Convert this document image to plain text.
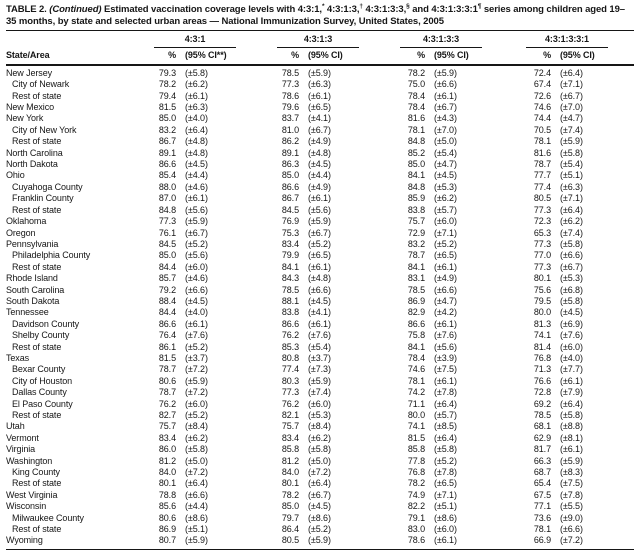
TABLE 2. (Continued) Estimated vaccination coverage levels with 4:3:1,* 4:3:1:3,† 4:3:1:3:3,§ and 4:3:1:3:3:1¶ series among children aged 19–35 months, by state and selected urban areas — National Immunization Survey, United States, 2005

	4:3:1		4:3:1:3		4:3:1:3:3		4:3:1:3:3:1	

State/Area	%	(95% CI**)	%	(95% CI)	%	(95% CI)	%	(95% CI)
New Jersey	79.3	(±5.8)	78.5	(±5.9)	78.2	(±5.9)	72.4	(±6.4)
City of Newark	78.2	(±6.2)	77.3	(±6.3)	75.0	(±6.6)	67.4	(±7.1)
Rest of state	79.4	(±6.1)	78.6	(±6.1)	78.4	(±6.1)	72.6	(±6.7)
New Mexico	81.5	(±6.3)	79.6	(±6.5)	78.4	(±6.7)	74.6	(±7.0)
New York	85.0	(±4.0)	83.7	(±4.1)	81.6	(±4.3)	74.4	(±4.7)
City of New York	83.2	(±6.4)	81.0	(±6.7)	78.1	(±7.0)	70.5	(±7.4)
Rest of state	86.7	(±4.8)	86.2	(±4.9)	84.8	(±5.0)	78.1	(±5.9)
North Carolina	89.1	(±4.8)	89.1	(±4.8)	85.2	(±5.4)	81.6	(±5.8)
North Dakota	86.6	(±4.5)	86.3	(±4.5)	85.0	(±4.7)	78.7	(±5.4)
Ohio	85.4	(±4.4)	85.0	(±4.4)	84.1	(±4.5)	77.7	(±5.1)
Cuyahoga County	88.0	(±4.6)	86.6	(±4.9)	84.8	(±5.3)	77.4	(±6.3)
Franklin County	87.0	(±6.1)	86.7	(±6.1)	85.9	(±6.2)	80.5	(±7.1)
Rest of state	84.8	(±5.6)	84.5	(±5.6)	83.8	(±5.7)	77.3	(±6.4)
Oklahoma	77.3	(±5.9)	76.9	(±5.9)	75.7	(±6.0)	72.3	(±6.2)
Oregon	76.1	(±6.7)	75.3	(±6.7)	72.9	(±7.1)	65.3	(±7.4)
Pennsylvania	84.5	(±5.2)	83.4	(±5.2)	83.2	(±5.2)	77.3	(±5.8)
Philadelphia County	85.0	(±5.6)	79.9	(±6.5)	78.7	(±6.5)	77.0	(±6.6)
Rest of state	84.4	(±6.0)	84.1	(±6.1)	84.1	(±6.1)	77.3	(±6.7)
Rhode Island	85.7	(±4.6)	84.3	(±4.8)	83.1	(±4.9)	80.1	(±5.3)
South Carolina	79.2	(±6.6)	78.5	(±6.6)	78.5	(±6.6)	75.6	(±6.8)
South Dakota	88.4	(±4.5)	88.1	(±4.5)	86.9	(±4.7)	79.5	(±5.8)
Tennessee	84.4	(±4.0)	83.8	(±4.1)	82.9	(±4.2)	80.0	(±4.5)
Davidson County	86.6	(±6.1)	86.6	(±6.1)	86.6	(±6.1)	81.3	(±6.9)
Shelby County	76.4	(±7.6)	76.2	(±7.6)	75.8	(±7.6)	74.1	(±7.6)
Rest of state	86.1	(±5.2)	85.3	(±5.4)	84.1	(±5.6)	81.4	(±6.0)
Texas	81.5	(±3.7)	80.8	(±3.7)	78.4	(±3.9)	76.8	(±4.0)
Bexar County	78.7	(±7.2)	77.4	(±7.3)	74.6	(±7.5)	71.3	(±7.7)
City of Houston	80.6	(±5.9)	80.3	(±5.9)	78.1	(±6.1)	76.6	(±6.1)
Dallas County	78.7	(±7.2)	77.3	(±7.4)	74.2	(±7.8)	72.8	(±7.9)
El Paso County	76.2	(±6.0)	76.2	(±6.0)	71.1	(±6.4)	69.2	(±6.4)
Rest of state	82.7	(±5.2)	82.1	(±5.3)	80.0	(±5.7)	78.5	(±5.8)
Utah	75.7	(±8.4)	75.7	(±8.4)	74.1	(±8.5)	68.1	(±8.8)
Vermont	83.4	(±6.2)	83.4	(±6.2)	81.5	(±6.4)	62.9	(±8.1)
Virginia	86.0	(±5.8)	85.8	(±5.8)	85.8	(±5.8)	81.7	(±6.1)
Washington	81.2	(±5.0)	81.2	(±5.0)	77.8	(±5.2)	66.3	(±5.9)
King County	84.0	(±7.2)	84.0	(±7.2)	76.8	(±7.8)	68.7	(±8.3)
Rest of state	80.1	(±6.4)	80.1	(±6.4)	78.2	(±6.5)	65.4	(±7.5)
West Virginia	78.8	(±6.6)	78.2	(±6.7)	74.9	(±7.1)	67.5	(±7.8)
Wisconsin	85.6	(±4.4)	85.0	(±4.5)	82.2	(±5.1)	77.1	(±5.5)
Milwaukee County	80.6	(±8.6)	79.7	(±8.6)	79.1	(±8.6)	73.6	(±9.0)
Rest of state	86.9	(±5.1)	86.4	(±5.2)	83.0	(±6.0)	78.1	(±6.6)
Wyoming	80.7	(±5.9)	80.5	(±5.9)	78.6	(±6.1)	66.9	(±7.2)
